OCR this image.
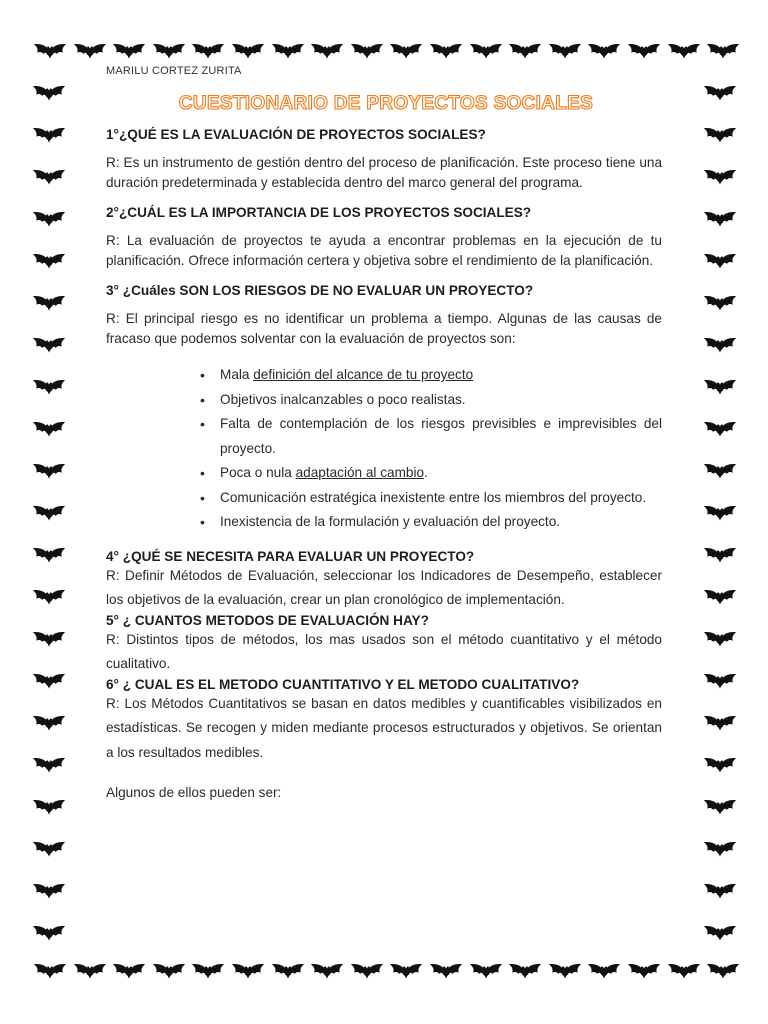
MARILU CORTEZ ZURITA
CUESTIONARIO DE PROYECTOS SOCIALES

1°¿QUÉ ES LA EVALUACIÓN DE PROYECTOS SOCIALES?

R: Es un instrumento de gestión dentro del proceso de planificación. Este proceso tiene una duración predeterminada y establecida dentro del marco general del programa.

2°¿CUÁL ES LA IMPORTANCIA DE LOS PROYECTOS SOCIALES?

R: La evaluación de proyectos te ayuda a encontrar problemas en la ejecución de tu planificación. Ofrece información certera y objetiva sobre el rendimiento de la planificación.

3° ¿Cuáles SON LOS RIESGOS DE NO EVALUAR UN PROYECTO?

R: El principal riesgo es no identificar un problema a tiempo. Algunas de las causas de fracaso que podemos solventar con la evaluación de proyectos son:

• Mala definición del alcance de tu proyecto
• Objetivos inalcanzables o poco realistas.
• Falta de contemplación de los riesgos previsibles e imprevisibles del proyecto.
• Poca o nula adaptación al cambio.
• Comunicación estratégica inexistente entre los miembros del proyecto.
• Inexistencia de la formulación y evaluación del proyecto.

4° ¿QUÉ SE NECESITA PARA EVALUAR UN PROYECTO?

R: Definir Métodos de Evaluación, seleccionar los Indicadores de Desempeño, establecer los objetivos de la evaluación, crear un plan cronológico de implementación.

5° ¿ CUANTOS METODOS DE EVALUACIÓN HAY?

R: Distintos tipos de métodos, los mas usados son el método cuantitativo y el método cualitativo.

6° ¿ CUAL ES EL METODO CUANTITATIVO Y EL METODO CUALITATIVO?

R: Los Métodos Cuantitativos se basan en datos medibles y cuantificables visibilizados en estadísticas. Se recogen y miden mediante procesos estructurados y objetivos. Se orientan a los resultados medibles.

Algunos de ellos pueden ser:
